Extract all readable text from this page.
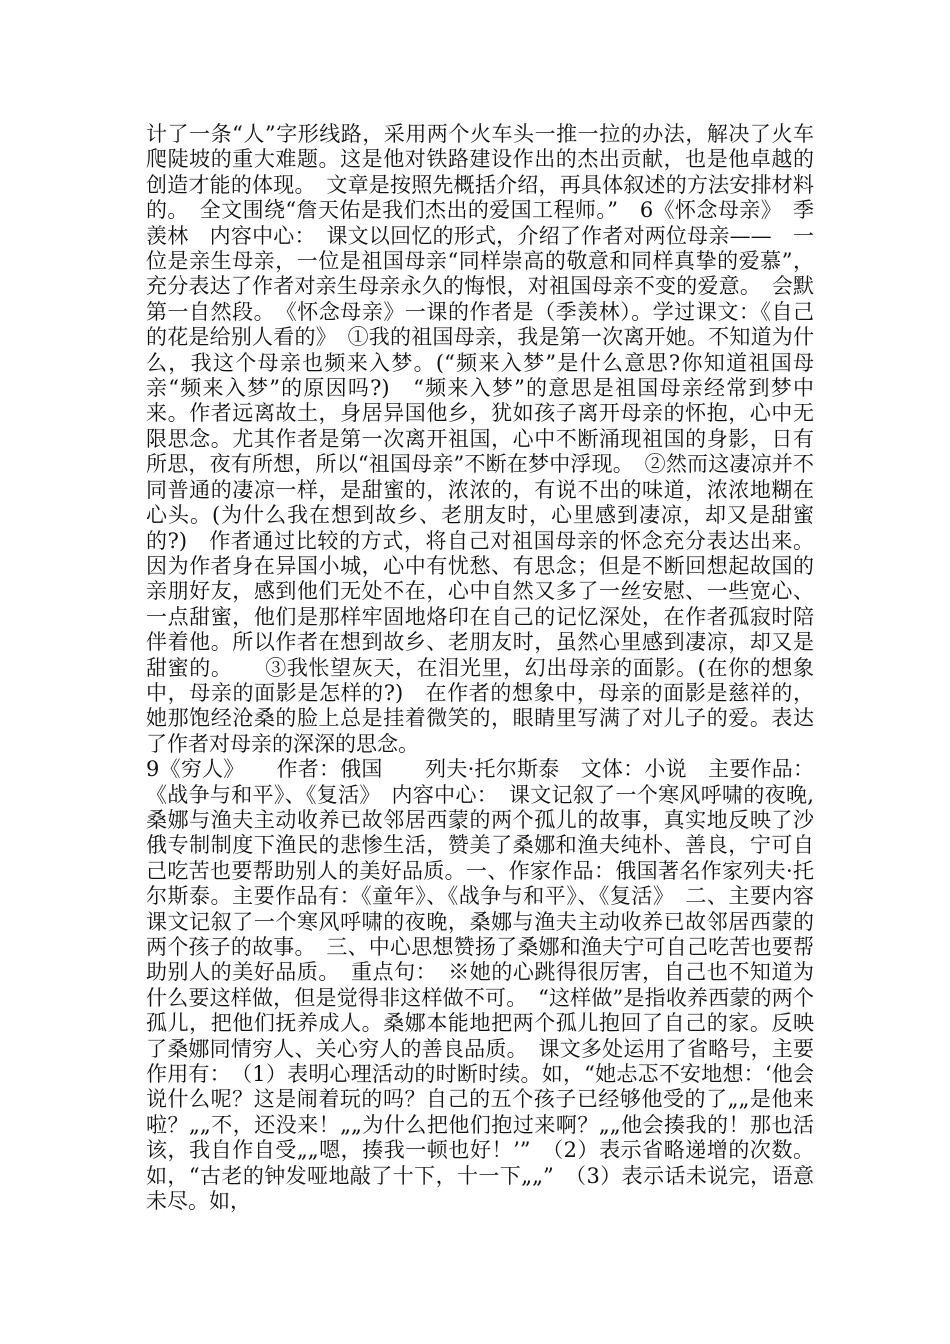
计了一条“人”字形线路，采用两个火车头一推一拉的办法，解决了火车爬陡坡的重大难题。这是他对铁路建设作出的杰出贡献，也是他卓越的创造才能的体现。　文章是按照先概括介绍，再具体叙述的方法安排材料的。　全文围绕“詹天佑是我们杰出的爱国工程师。”　6《怀念母亲》　季羡林　内容中心：　课文以回忆的形式，介绍了作者对两位母亲——　一位是亲生母亲，一位是祖国母亲“同样崇高的敬意和同样真挚的爱慕”，充分表达了作者对亲生母亲永久的悔恨，对祖国母亲不变的爱意。　会默第一自然段。　《怀念母亲》一课的作者是（季羡林）。学过课文：《自己的花是给别人看的》　①我的祖国母亲，我是第一次离开她。不知道为什么，我这个母亲也频来入梦。(“频来入梦”是什么意思?你知道祖国母亲“频来入梦”的原因吗?)　“频来入梦”的意思是祖国母亲经常到梦中来。作者远离故土，身居异国他乡，犹如孩子离开母亲的怀抱，心中无限思念。尤其作者是第一次离开祖国，心中不断涌现祖国的身影，日有所思，夜有所想，所以“祖国母亲”不断在梦中浮现。　②然而这凄凉并不同普通的凄凉一样，是甜蜜的，浓浓的，有说不出的味道，浓浓地糊在心头。(为什么我在想到故乡、老朋友时，心里感到凄凉，却又是甜蜜的?)　作者通过比较的方式，将自己对祖国母亲的怀念充分表达出来。因为作者身在异国小城，心中有忧愁、有思念；但是不断回想起故国的亲朋好友，感到他们无处不在，心中自然又多了一丝安慰、一些宽心、一点甜蜜，他们是那样牢固地烙印在自己的记忆深处，在作者孤寂时陪伴着他。所以作者在想到故乡、老朋友时，虽然心里感到凄凉，却又是甜蜜的。　　③我怅望灰天，在泪光里，幻出母亲的面影。(在你的想象中，母亲的面影是怎样的?)　在作者的想象中，母亲的面影是慈祥的，她那饱经沧桑的脸上总是挂着微笑的，眼睛里写满了对儿子的爱。表达了作者对母亲的深深的思念。

9《穷人》　　作者：俄国　　列夫·托尔斯泰　文体：小说　主要作品：《战争与和平》、《复活》　内容中心：　课文记叙了一个寒风呼啸的夜晚,桑娜与渔夫主动收养已故邻居西蒙的两个孤儿的故事，真实地反映了沙俄专制制度下渔民的悲惨生活，赞美了桑娜和渔夫纯朴、善良，宁可自己吃苦也要帮助别人的美好品质。一、作家作品：俄国著名作家列夫·托尔斯泰。主要作品有：《童年》、《战争与和平》、《复活》　二、主要内容课文记叙了一个寒风呼啸的夜晚，桑娜与渔夫主动收养已故邻居西蒙的两个孩子的故事。　三、中心思想赞扬了桑娜和渔夫宁可自己吃苦也要帮助别人的美好品质。　重点句：　※她的心跳得很厉害，自己也不知道为什么要这样做，但是觉得非这样做不可。　“这样做”是指收养西蒙的两个孤儿，把他们抚养成人。桑娜本能地把两个孤儿抱回了自己的家。反映了桑娜同情穷人、关心穷人的善良品质。　课文多处运用了省略号，主要作用有：　（1）表明心理活动的时断时续。如，“她忐忑不安地想：‘他会说什么呢？这是闹着玩的吗？自己的五个孩子已经够他受的了„„是他来啦？„„不，还没来！„„为什么把他们抱过来啊？„„他会揍我的！那也活该，我自作自受„„嗯，揍我一顿也好！’”　（2）表示省略递增的次数。如，“古老的钟发哑地敲了十下，十一下„„”　（3）表示话未说完，语意未尽。如，
